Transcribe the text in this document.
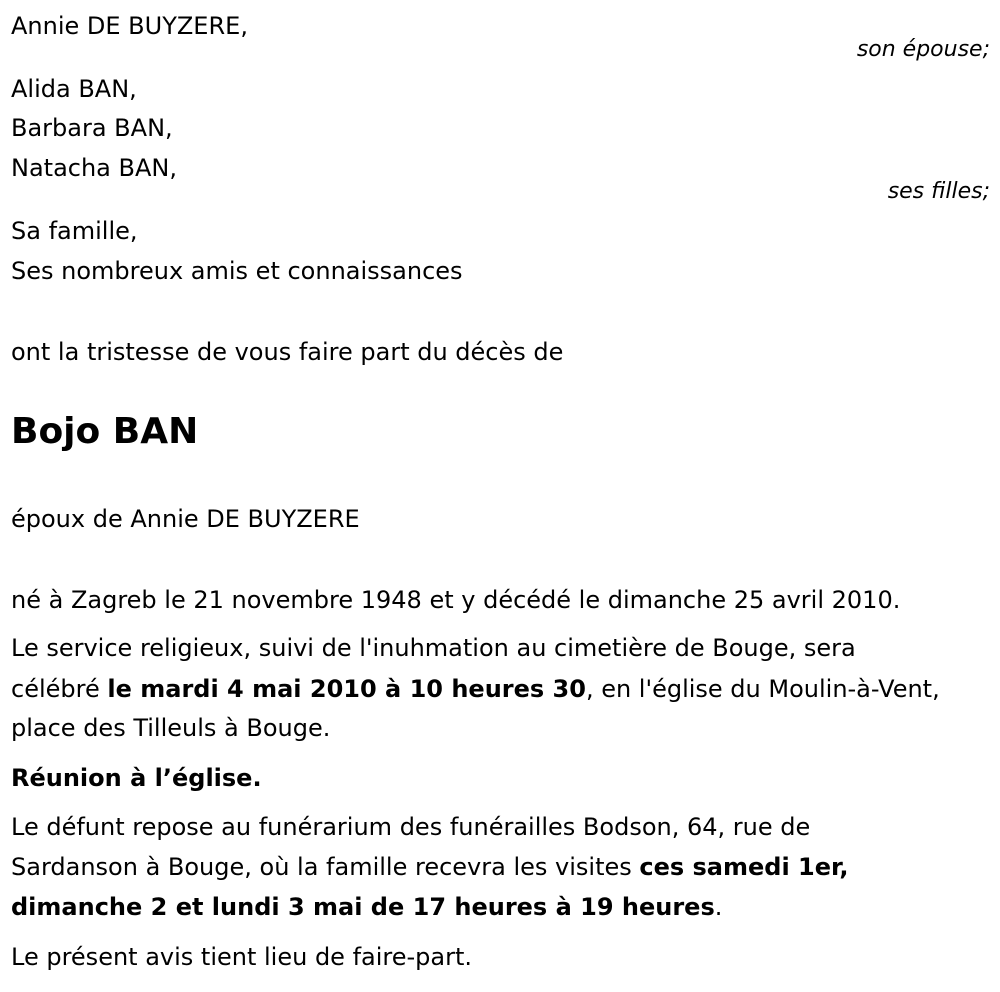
Annie DE BUYZERE,
son épouse;
Alida BAN,
Barbara BAN,
Natacha BAN,
ses filles;
Sa famille,
Ses nombreux amis et connaissances
ont la tristesse de vous faire part du décès de
Bojo BAN
époux de Annie DE BUYZERE
né à Zagreb le 21 novembre 1948 et y décédé le dimanche 25 avril 2010.
Le service religieux, suivi de l'inuhmation au cimetière de Bouge, sera
célébré le mardi 4 mai 2010 à 10 heures 30, en l'église du Moulin-à-Vent,
place des Tilleuls à Bouge.
Réunion à l’église.
Le défunt repose au funérarium des funérailles Bodson, 64, rue de
Sardanson à Bouge, où la famille recevra les visites ces samedi 1er,
dimanche 2 et lundi 3 mai de 17 heures à 19 heures.
Le présent avis tient lieu de faire-part.
